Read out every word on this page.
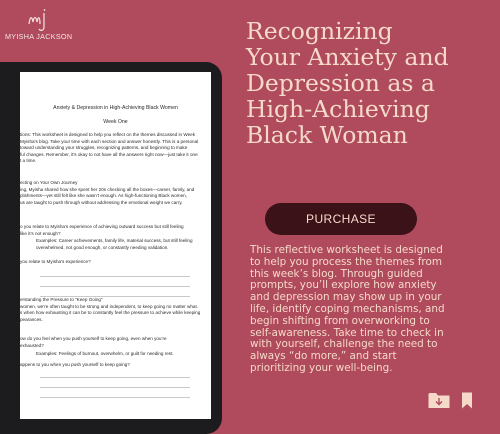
MYISHA JACKSON
Anxiety & Depression in High-Achieving Black Women
Week One
tions: This worksheet is designed to help you reflect on the themes discussed in Week
Myisha’s blog. Take your time with each section and answer honestly. This is a personal
toward understanding your struggles, recognizing patterns, and beginning to make
ful changes. Remember, it’s okay to not have all the answers right now—just take it one
t a time.
ecting on Your Own Journey
ing, Myisha shared how she spent her 20s checking all the boxes—career, family, and
plishments—yet still felt like she wasn’t enough. As high-functioning Black women,
us are taught to push through without addressing the emotional weight we carry.
o you relate to Myisha’s experience of achieving outward success but still feeling
like it’s not enough?
Examples: Career achievements, family life, material success, but still feeling
overwhelmed, not good enough, or constantly needing validation.
you relate to Myisha’s experience?
erstanding the Pressure to “Keep Going”
women, we’re often taught to be strong and independent, to keep going no matter what.
s when how exhausting it can be to constantly feel the pressure to achieve while keeping
pearances.
ow do you feel when you push yourself to keep going, even when you’re
exhausted?
Examples: Feelings of burnout, overwhelm, or guilt for needing rest.
appens to you when you push yourself to keep going?
Recognizing
Your Anxiety and
Depression as a
High-Achieving
Black Woman
PURCHASE

This reflective worksheet is designed
to help you process the themes from
this week’s blog. Through guided
prompts, you’ll explore how anxiety
and depression may show up in your
life, identify coping mechanisms, and
begin shifting from overworking to
self-awareness. Take time to check in
with yourself, challenge the need to
always “do more,” and start
prioritizing your well-being.
